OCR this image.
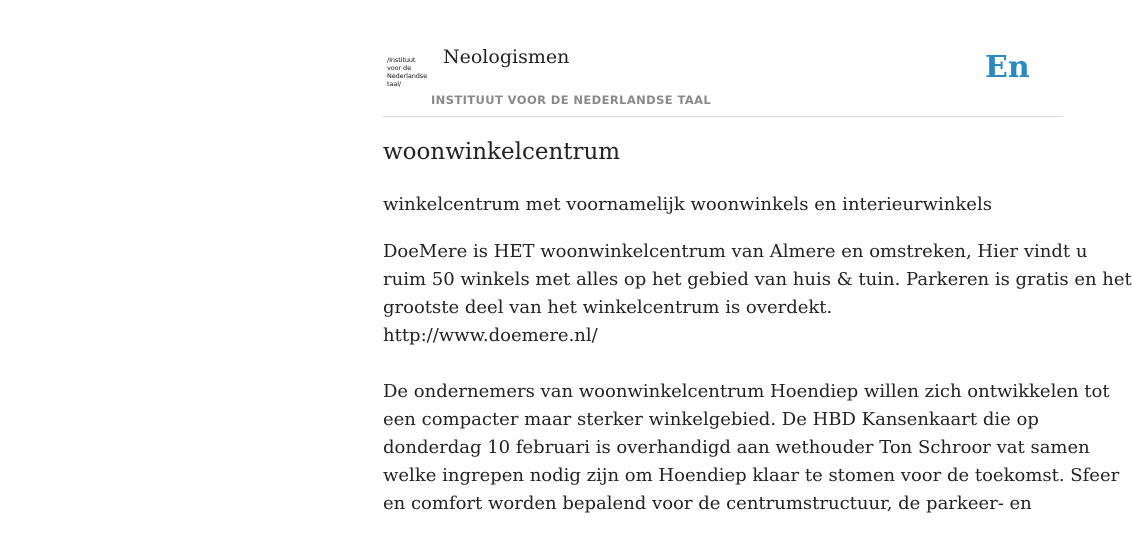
/Instituut
voor de
Nederlandse
taal/
Neologismen
INSTITUUT VOOR DE NEDERLANDSE TAAL
En
woonwinkelcentrum

winkelcentrum met voornamelijk woonwinkels en interieurwinkels

DoeMere is HET woonwinkelcentrum van Almere en omstreken, Hier vindt u
ruim 50 winkels met alles op het gebied van huis & tuin. Parkeren is gratis en het
grootste deel van het winkelcentrum is overdekt.
http://www.doemere.nl/

De ondernemers van woonwinkelcentrum Hoendiep willen zich ontwikkelen tot
een compacter maar sterker winkelgebied. De HBD Kansenkaart die op
donderdag 10 februari is overhandigd aan wethouder Ton Schroor vat samen
welke ingrepen nodig zijn om Hoendiep klaar te stomen voor de toekomst. Sfeer
en comfort worden bepalend voor de centrumstructuur, de parkeer- en
